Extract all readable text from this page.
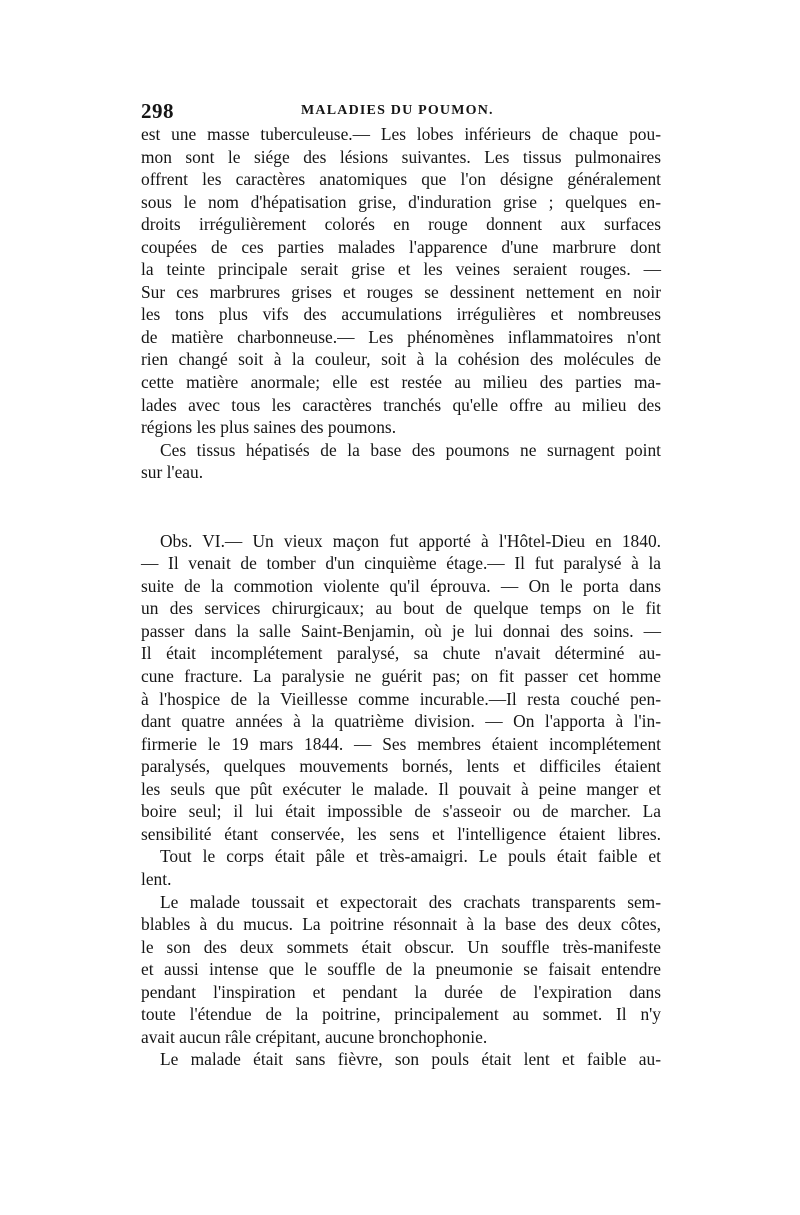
298	MALADIES DU POUMON.

est une masse tuberculeuse.— Les lobes inférieurs de chaque pou-
mon sont le siége des lésions suivantes. Les tissus pulmonaires
offrent les caractères anatomiques que l'on désigne généralement
sous le nom d'hépatisation grise, d'induration grise ; quelques en-
droits irrégulièrement colorés en rouge donnent aux surfaces
coupées de ces parties malades l'apparence d'une marbrure dont
la teinte principale serait grise et les veines seraient rouges. —
Sur ces marbrures grises et rouges se dessinent nettement en noir
les tons plus vifs des accumulations irrégulières et nombreuses
de matière charbonneuse.— Les phénomènes inflammatoires n'ont
rien changé soit à la couleur, soit à la cohésion des molécules de
cette matière anormale; elle est restée au milieu des parties ma-
lades avec tous les caractères tranchés qu'elle offre au milieu des
régions les plus saines des poumons.

Ces tissus hépatisés de la base des poumons ne surnagent point
sur l'eau.

Obs. VI.— Un vieux maçon fut apporté à l'Hôtel-Dieu en 1840.
— Il venait de tomber d'un cinquième étage.— Il fut paralysé à la
suite de la commotion violente qu'il éprouva. — On le porta dans
un des services chirurgicaux; au bout de quelque temps on le fit
passer dans la salle Saint-Benjamin, où je lui donnai des soins. —
Il était incomplétement paralysé, sa chute n'avait déterminé au-
cune fracture. La paralysie ne guérit pas; on fit passer cet homme
à l'hospice de la Vieillesse comme incurable.—Il resta couché pen-
dant quatre années à la quatrième division. — On l'apporta à l'in-
firmerie le 19 mars 1844. — Ses membres étaient incomplétement
paralysés, quelques mouvements bornés, lents et difficiles étaient
les seuls que pût exécuter le malade. Il pouvait à peine manger et
boire seul; il lui était impossible de s'asseoir ou de marcher. La
sensibilité étant conservée, les sens et l'intelligence étaient libres.

Tout le corps était pâle et très-amaigri. Le pouls était faible et
lent.

Le malade toussait et expectorait des crachats transparents sem-
blables à du mucus. La poitrine résonnait à la base des deux côtes,
le son des deux sommets était obscur. Un souffle très-manifeste
et aussi intense que le souffle de la pneumonie se faisait entendre
pendant l'inspiration et pendant la durée de l'expiration dans
toute l'étendue de la poitrine, principalement au sommet. Il n'y
avait aucun râle crépitant, aucune bronchophonie.

Le malade était sans fièvre, son pouls était lent et faible au-
